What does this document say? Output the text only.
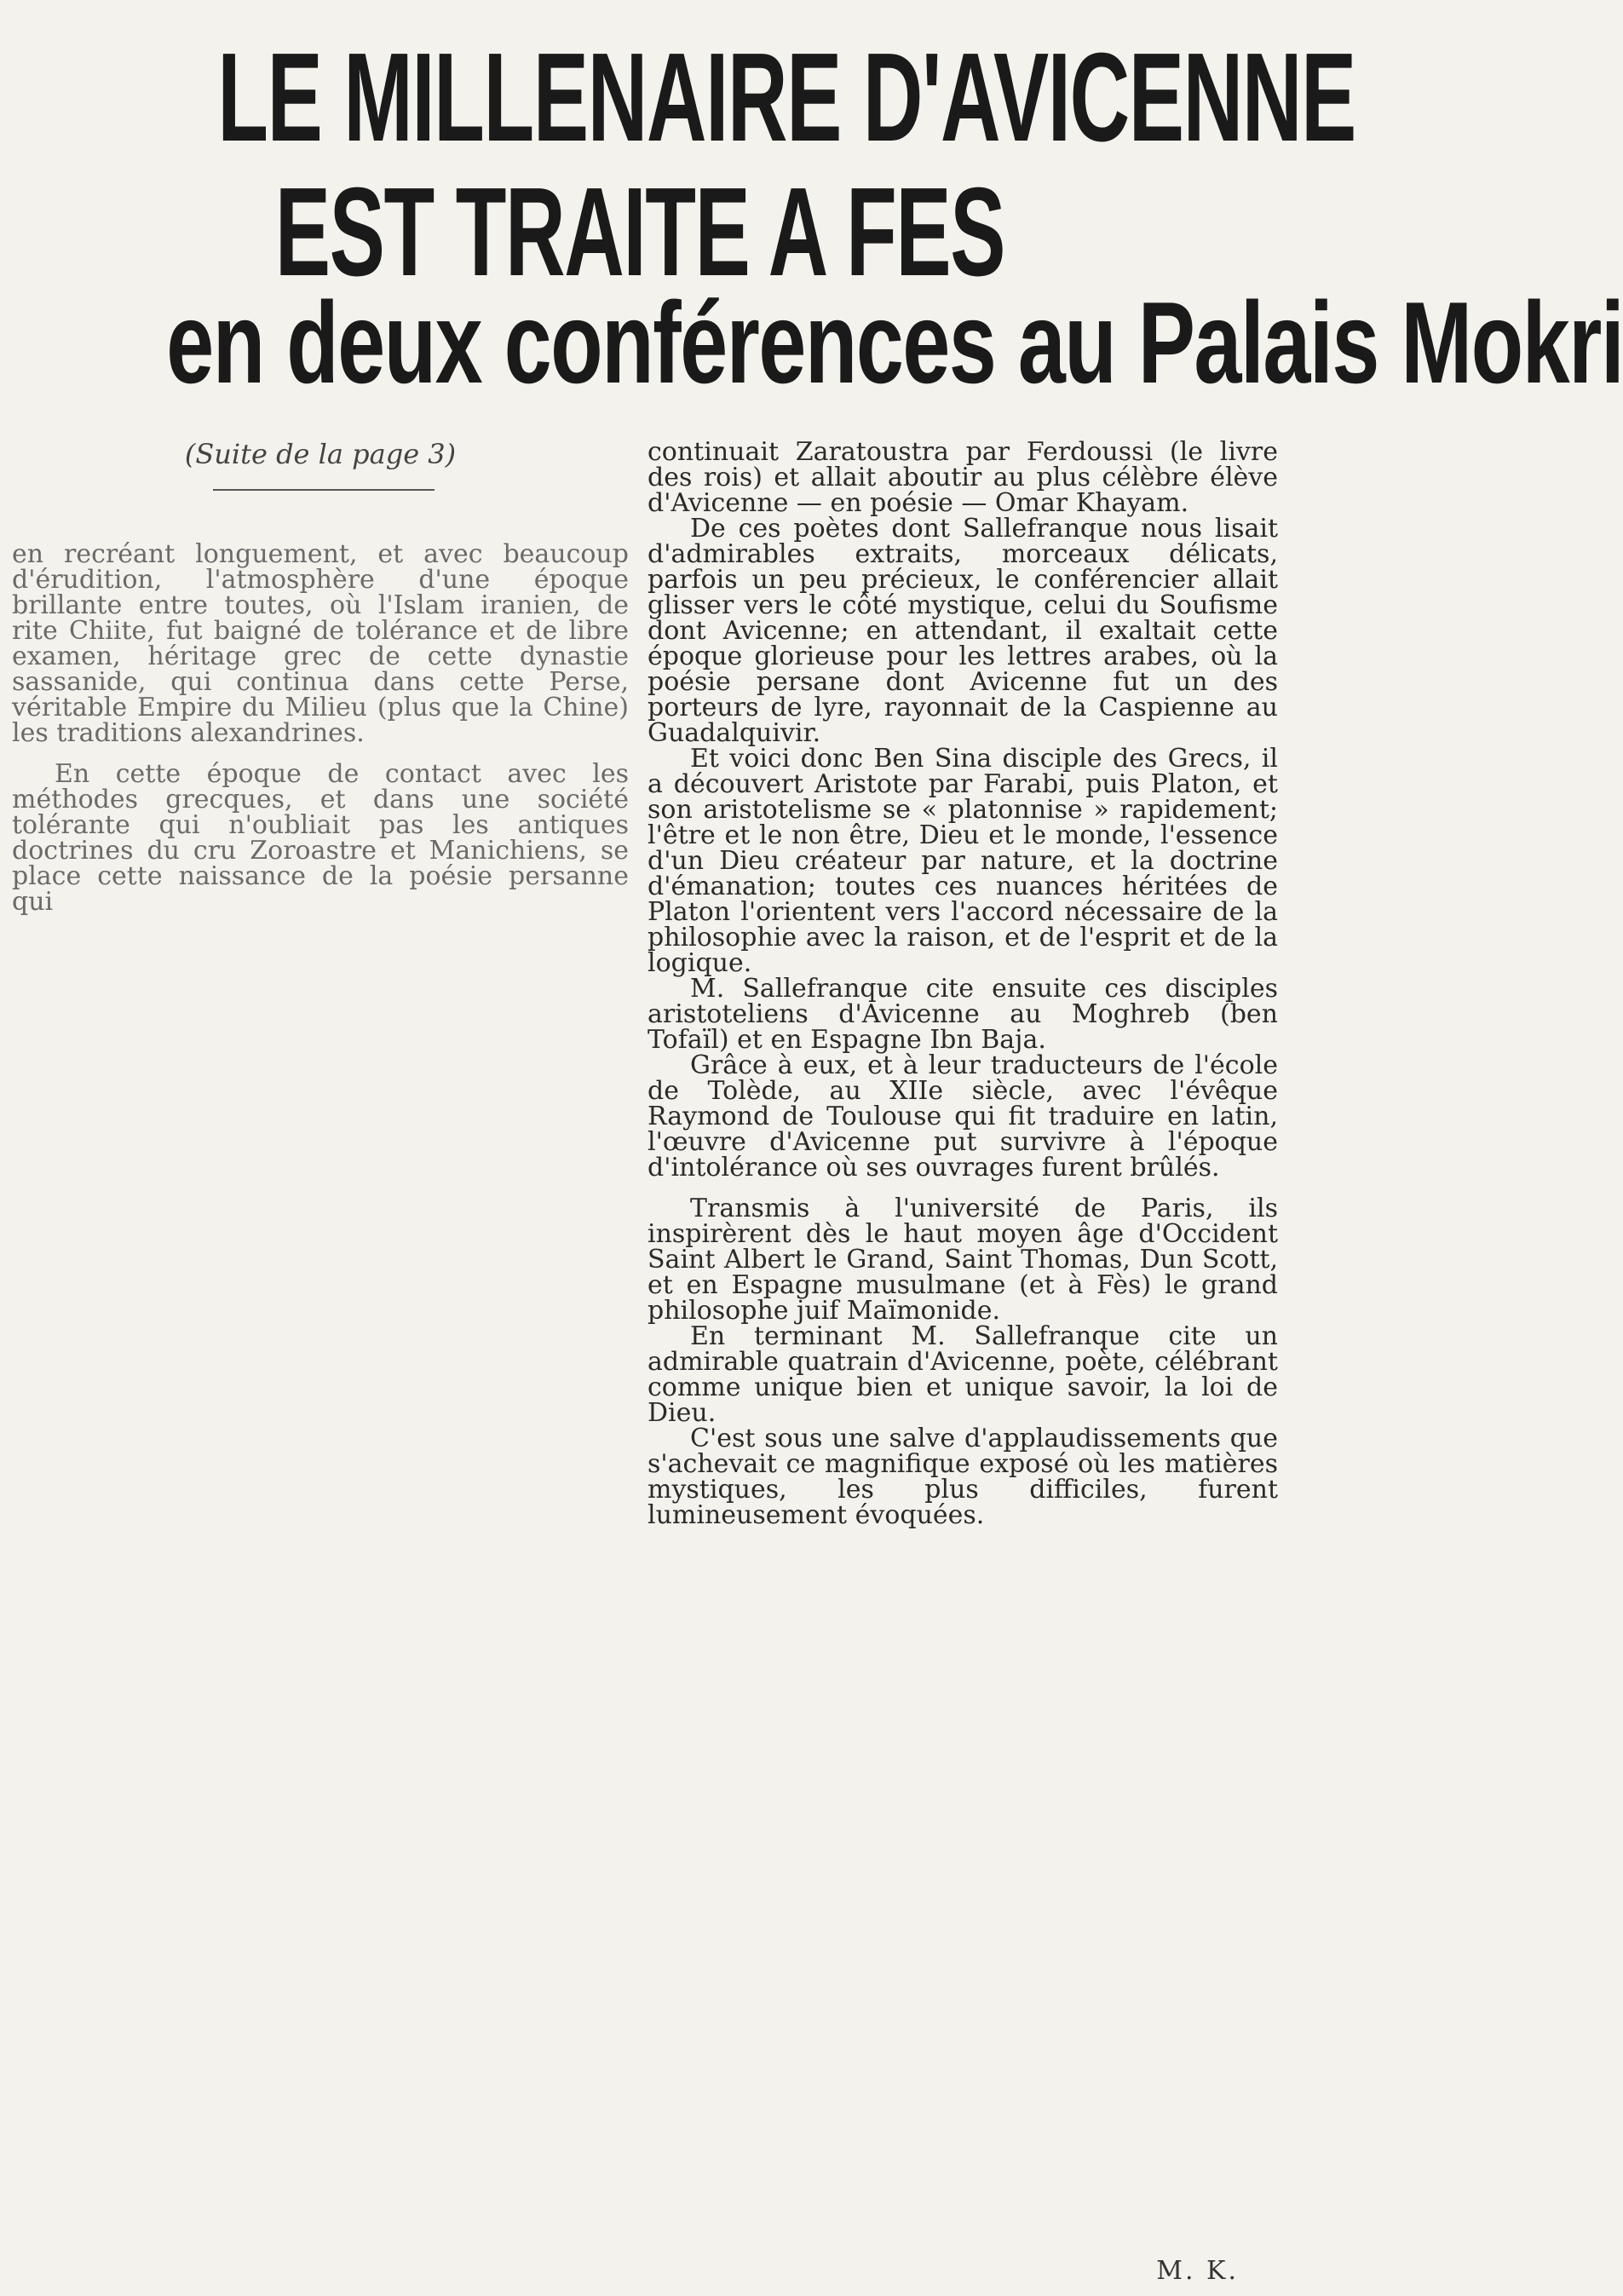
LE MILLENAIRE D'AVICENNE
EST TRAITE A FES
en deux conférences au Palais Mokri
(Suite de la page 3)

en recréant longuement, et avec beaucoup d'érudition, l'atmosphère d'une époque brillante entre toutes, où l'Islam iranien, de rite Chiite, fut baigné de tolérance et de libre examen, héritage grec de cette dynastie sassanide, qui continua dans cette Perse, véritable Empire du Milieu (plus que la Chine) les traditions alexandrines.

En cette époque de contact avec les méthodes grecques, et dans une société tolérante qui n'oubliait pas les antiques doctrines du cru Zoroastre et Manichiens, se place cette naissance de la poésie persanne qui

continuait Zaratoustra par Ferdoussi (le livre des rois) et allait aboutir au plus célèbre élève d'Avicenne — en poésie — Omar Khayam.

De ces poètes dont Sallefranque nous lisait d'admirables extraits, morceaux délicats, parfois un peu précieux, le conférencier allait glisser vers le côté mystique, celui du Soufisme dont Avicenne; en attendant, il exaltait cette époque glorieuse pour les lettres arabes, où la poésie persane dont Avicenne fut un des porteurs de lyre, rayonnait de la Caspienne au Guadalquivir.

Et voici donc Ben Sina disciple des Grecs, il a découvert Aristote par Farabi, puis Platon, et son aristotelisme se « platonnise » rapidement; l'être et le non être, Dieu et le monde, l'essence d'un Dieu créateur par nature, et la doctrine d'émanation; toutes ces nuances héritées de Platon l'orientent vers l'accord nécessaire de la philosophie avec la raison, et de l'esprit et de la logique.

M. Sallefranque cite ensuite ces disciples aristoteliens d'Avicenne au Moghreb (ben Tofaïl) et en Espagne Ibn Baja.

Grâce à eux, et à leur traducteurs de l'école de Tolède, au XIIe siècle, avec l'évêque Raymond de Toulouse qui fit traduire en latin, l'œuvre d'Avicenne put survivre à l'époque d'intolérance où ses ouvrages furent brûlés.

Transmis à l'université de Paris, ils inspirèrent dès le haut moyen âge d'Occident Saint Albert le Grand, Saint Thomas, Dun Scott, et en Espagne musulmane (et à Fès) le grand philosophe juif Maïmonide.

En terminant M. Sallefranque cite un admirable quatrain d'Avicenne, poète, célébrant comme unique bien et unique savoir, la loi de Dieu.

C'est sous une salve d'applaudissements que s'achevait ce magnifique exposé où les matières mystiques, les plus difficiles, furent lumineusement évoquées.

M. K.
